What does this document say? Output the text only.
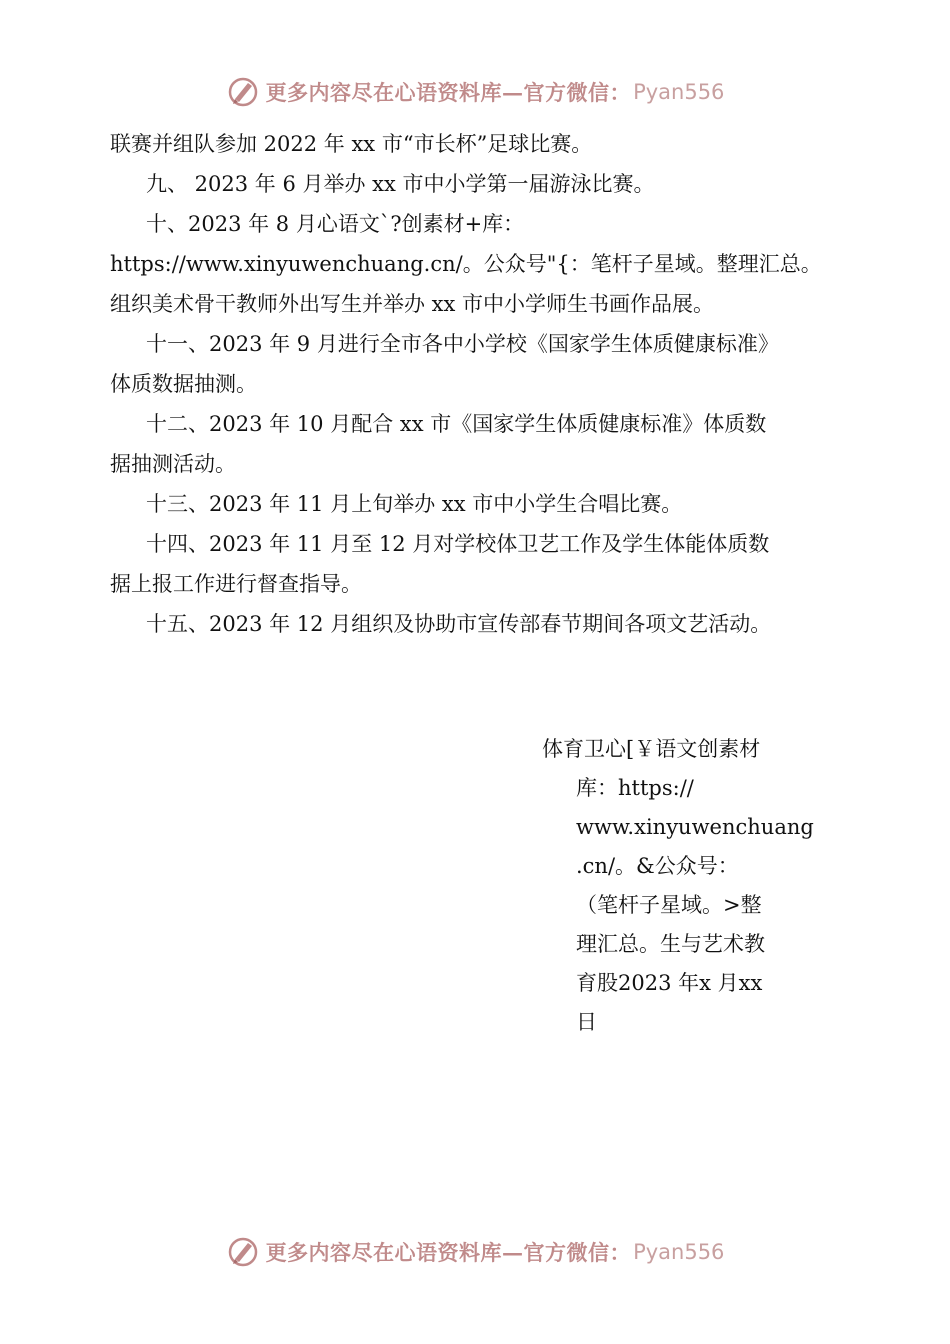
更多内容尽在心语资料库—官方微信： Pyan556

联赛并组队参加 2022 年 xx 市“市长杯”足球比赛。

九、 2023 年 6 月举办 xx 市中小学第一届游泳比赛。

十、2023 年 8 月心语文`?创素材+库：

https://www.xinyuwenchuang.cn/。公众号"{：笔杆子星域。整理汇总。

组织美术骨干教师外出写生并举办 xx 市中小学师生书画作品展。

十一、2023 年 9 月进行全市各中小学校《国家学生体质健康标准》

体质数据抽测。

十二、2023 年 10 月配合 xx 市《国家学生体质健康标准》体质数

据抽测活动。

十三、2023 年 11 月上旬举办 xx 市中小学生合唱比赛。

十四、2023 年 11 月至 12 月对学校体卫艺工作及学生体能体质数

据上报工作进行督查指导。

十五、2023 年 12 月组织及协助市宣传部春节期间各项文艺活动。

体育卫心[￥语文创素材

库：https://

www.xinyuwenchuang

.cn/。&公众号：

（笔杆子星域。>整

理汇总。生与艺术教

育股2023 年x 月xx

日

更多内容尽在心语资料库—官方微信： Pyan556
